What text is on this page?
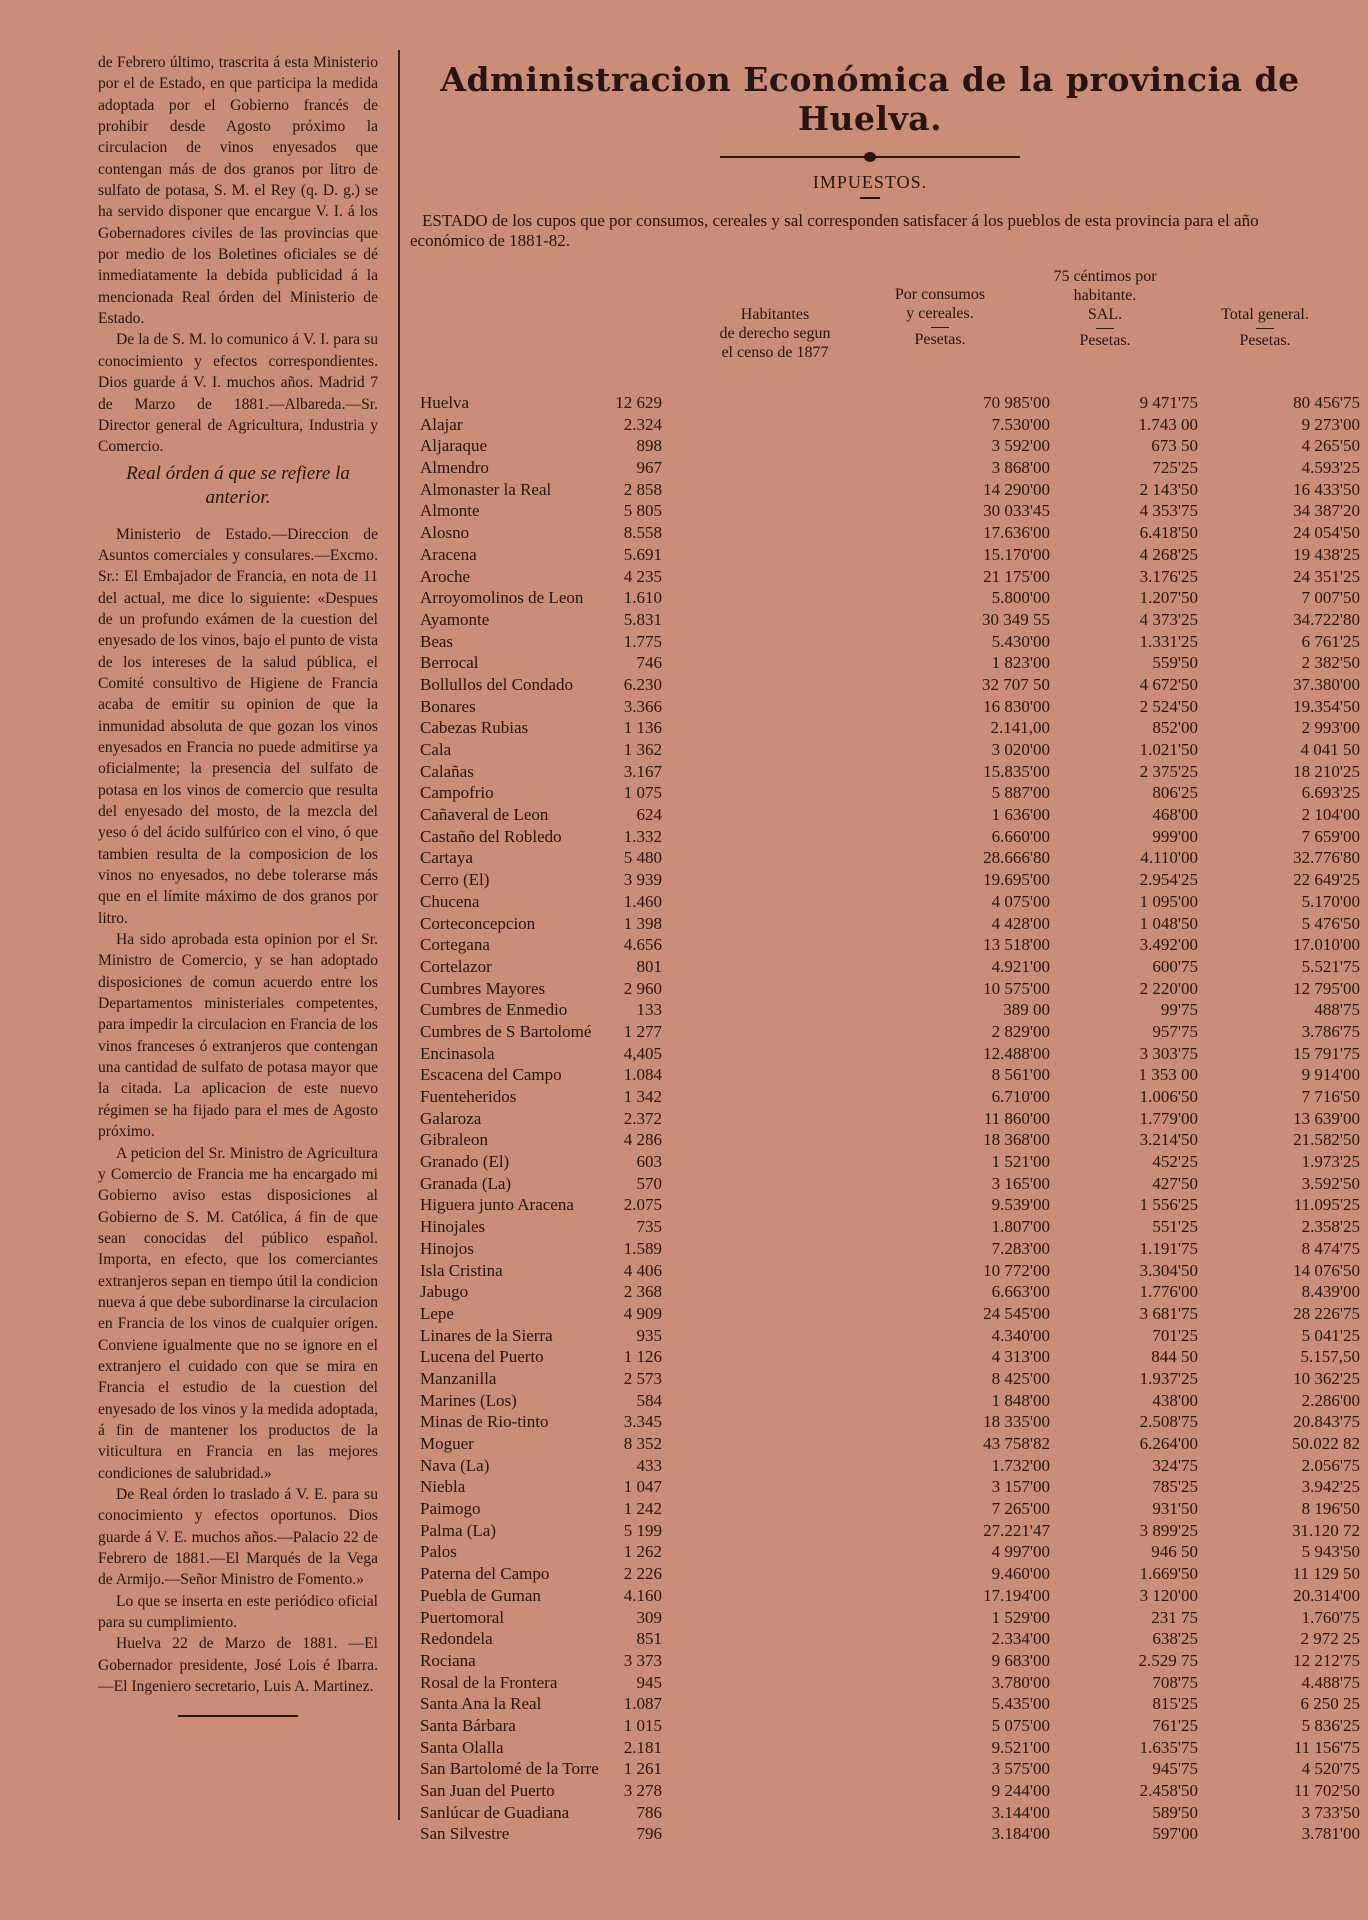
de Febrero último, trascrita á esta Ministerio por el de Estado, en que participa la medida adoptada por el Gobierno francés de prohibir desde Agosto próximo la circulacion de vinos enyesados que contengan más de dos granos por litro de sulfato de potasa, S. M. el Rey (q. D. g.) se ha servido disponer que encargue V. I. á los Gobernadores civiles de las provincias que por medio de los Boletines oficiales se dé inmediatamente la debida publicidad á la mencionada Real órden del Ministerio de Estado.

De la de S. M. lo comunico á V. I. para su conocimiento y efectos correspondientes. Dios guarde á V. I. muchos años. Madrid 7 de Marzo de 1881.—Albareda.—Sr. Director general de Agricultura, Industria y Comercio.

Real órden á que se refiere la anterior.

Ministerio de Estado.—Direccion de Asuntos comerciales y consulares.—Excmo. Sr.: El Embajador de Francia, en nota de 11 del actual, me dice lo siguiente: «Despues de un profundo exámen de la cuestion del enyesado de los vinos, bajo el punto de vista de los intereses de la salud pública, el Comité consultivo de Higiene de Francia acaba de emitir su opinion de que la inmunidad absoluta de que gozan los vinos enyesados en Francia no puede admitirse ya oficialmente; la presencia del sulfato de potasa en los vinos de comercio que resulta del enyesado del mosto, de la mezcla del yeso ó del ácido sulfúrico con el vino, ó que tambien resulta de la composicion de los vinos no enyesados, no debe tolerarse más que en el límite máximo de dos granos por litro.

Ha sido aprobada esta opinion por el Sr. Ministro de Comercio, y se han adoptado disposiciones de comun acuerdo entre los Departamentos ministeriales competentes, para impedir la circulacion en Francia de los vinos franceses ó extranjeros que contengan una cantidad de sulfato de potasa mayor que la citada. La aplicacion de este nuevo régimen se ha fijado para el mes de Agosto próximo.

A peticion del Sr. Ministro de Agricultura y Comercio de Francia me ha encargado mi Gobierno aviso estas disposiciones al Gobierno de S. M. Católica, á fin de que sean conocidas del público español. Importa, en efecto, que los comerciantes extranjeros sepan en tiempo útil la condicion nueva á que debe subordinarse la circulacion en Francia de los vinos de cualquier orígen. Conviene igualmente que no se ignore en el extranjero el cuidado con que se mira en Francia el estudio de la cuestion del enyesado de los vinos y la medida adoptada, á fin de mantener los productos de la viticultura en Francia en las mejores condiciones de salubridad.»

De Real órden lo traslado á V. E. para su conocimiento y efectos oportunos. Dios guarde á V. E. muchos años.—Palacio 22 de Febrero de 1881.—El Marqués de la Vega de Armijo.—Señor Ministro de Fomento.»

Lo que se inserta en este periódico oficial para su cumplimiento.

Huelva 22 de Marzo de 1881. —El Gobernador presidente, José Lois é Ibarra.—El Ingeniero secretario, Luis A. Martinez.

Administracion Económica de la provincia de Huelva.
IMPUESTOS.
ESTADO de los cupos que por consumos, cereales y sal corresponden satisfacer á los pueblos de esta provincia para el año económico de 1881-82.
Habitantes
de derecho segun
el censo de 1877
Por consumos
y cereales.
Pesetas.
75 céntimos por
habitante.
SAL.
Pesetas.
Total general.
Pesetas.
Huelva	12 629	70 985'00	9 471'75	80 456'75
Alajar	2.324	7.530'00	1.743 00	9 273'00
Aljaraque	898	3 592'00	673 50	4 265'50
Almendro	967	3 868'00	725'25	4.593'25
Almonaster la Real	2 858	14 290'00	2 143'50	16 433'50
Almonte	5 805	30 033'45	4 353'75	34 387'20
Alosno	8.558	17.636'00	6.418'50	24 054'50
Aracena	5.691	15.170'00	4 268'25	19 438'25
Aroche	4 235	21 175'00	3.176'25	24 351'25
Arroyomolinos de Leon	1.610	5.800'00	1.207'50	7 007'50
Ayamonte	5.831	30 349 55	4 373'25	34.722'80
Beas	1.775	5.430'00	1.331'25	6 761'25
Berrocal	746	1 823'00	559'50	2 382'50
Bollullos del Condado	6.230	32 707 50	4 672'50	37.380'00
Bonares	3.366	16 830'00	2 524'50	19.354'50
Cabezas Rubias	1 136	2.141,00	852'00	2 993'00
Cala	1 362	3 020'00	1.021'50	4 041 50
Calañas	3.167	15.835'00	2 375'25	18 210'25
Campofrio	1 075	5 887'00	806'25	6.693'25
Cañaveral de Leon	624	1 636'00	468'00	2 104'00
Castaño del Robledo	1.332	6.660'00	999'00	7 659'00
Cartaya	5 480	28.666'80	4.110'00	32.776'80
Cerro (El)	3 939	19.695'00	2.954'25	22 649'25
Chucena	1.460	4 075'00	1 095'00	5.170'00
Corteconcepcion	1 398	4 428'00	1 048'50	5 476'50
Cortegana	4.656	13 518'00	3.492'00	17.010'00
Cortelazor	801	4.921'00	600'75	5.521'75
Cumbres Mayores	2 960	10 575'00	2 220'00	12 795'00
Cumbres de Enmedio	133	389 00	99'75	488'75
Cumbres de S Bartolomé	1 277	2 829'00	957'75	3.786'75
Encinasola	4,405	12.488'00	3 303'75	15 791'75
Escacena del Campo	1.084	8 561'00	1 353 00	9 914'00
Fuenteheridos	1 342	6.710'00	1.006'50	7 716'50
Galaroza	2.372	11 860'00	1.779'00	13 639'00
Gibraleon	4 286	18 368'00	3.214'50	21.582'50
Granado (El)	603	1 521'00	452'25	1.973'25
Granada (La)	570	3 165'00	427'50	3.592'50
Higuera junto Aracena	2.075	9.539'00	1 556'25	11.095'25
Hinojales	735	1.807'00	551'25	2.358'25
Hinojos	1.589	7.283'00	1.191'75	8 474'75
Isla Cristina	4 406	10 772'00	3.304'50	14 076'50
Jabugo	2 368	6.663'00	1.776'00	8.439'00
Lepe	4 909	24 545'00	3 681'75	28 226'75
Linares de la Sierra	935	4.340'00	701'25	5 041'25
Lucena del Puerto	1 126	4 313'00	844 50	5.157,50
Manzanilla	2 573	8 425'00	1.937'25	10 362'25
Marines (Los)	584	1 848'00	438'00	2.286'00
Minas de Rio-tinto	3.345	18 335'00	2.508'75	20.843'75
Moguer	8 352	43 758'82	6.264'00	50.022 82
Nava (La)	433	1.732'00	324'75	2.056'75
Niebla	1 047	3 157'00	785'25	3.942'25
Paimogo	1 242	7 265'00	931'50	8 196'50
Palma (La)	5 199	27.221'47	3 899'25	31.120 72
Palos	1 262	4 997'00	946 50	5 943'50
Paterna del Campo	2 226	9.460'00	1.669'50	11 129 50
Puebla de Guman	4.160	17.194'00	3 120'00	20.314'00
Puertomoral	309	1 529'00	231 75	1.760'75
Redondela	851	2.334'00	638'25	2 972 25
Rociana	3 373	9 683'00	2.529 75	12 212'75
Rosal de la Frontera	945	3.780'00	708'75	4.488'75
Santa Ana la Real	1.087	5.435'00	815'25	6 250 25
Santa Bárbara	1 015	5 075'00	761'25	5 836'25
Santa Olalla	2.181	9.521'00	1.635'75	11 156'75
San Bartolomé de la Torre	1 261	3 575'00	945'75	4 520'75
San Juan del Puerto	3 278	9 244'00	2.458'50	11 702'50
Sanlúcar de Guadiana	786	3.144'00	589'50	3 733'50
San Silvestre	796	3.184'00	597'00	3.781'00
